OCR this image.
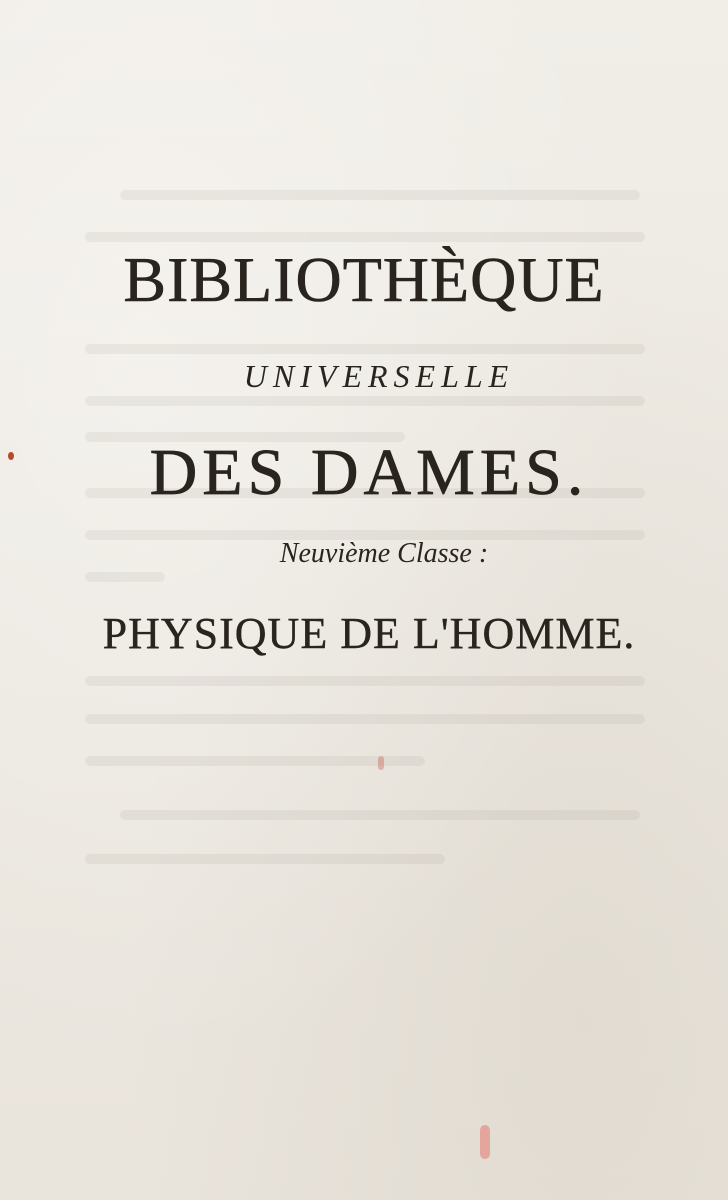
BIBLIOTHÈQUE
UNIVERSELLE
DES DAMES.
Neuvième Classe :
PHYSIQUE DE L'HOMME.
